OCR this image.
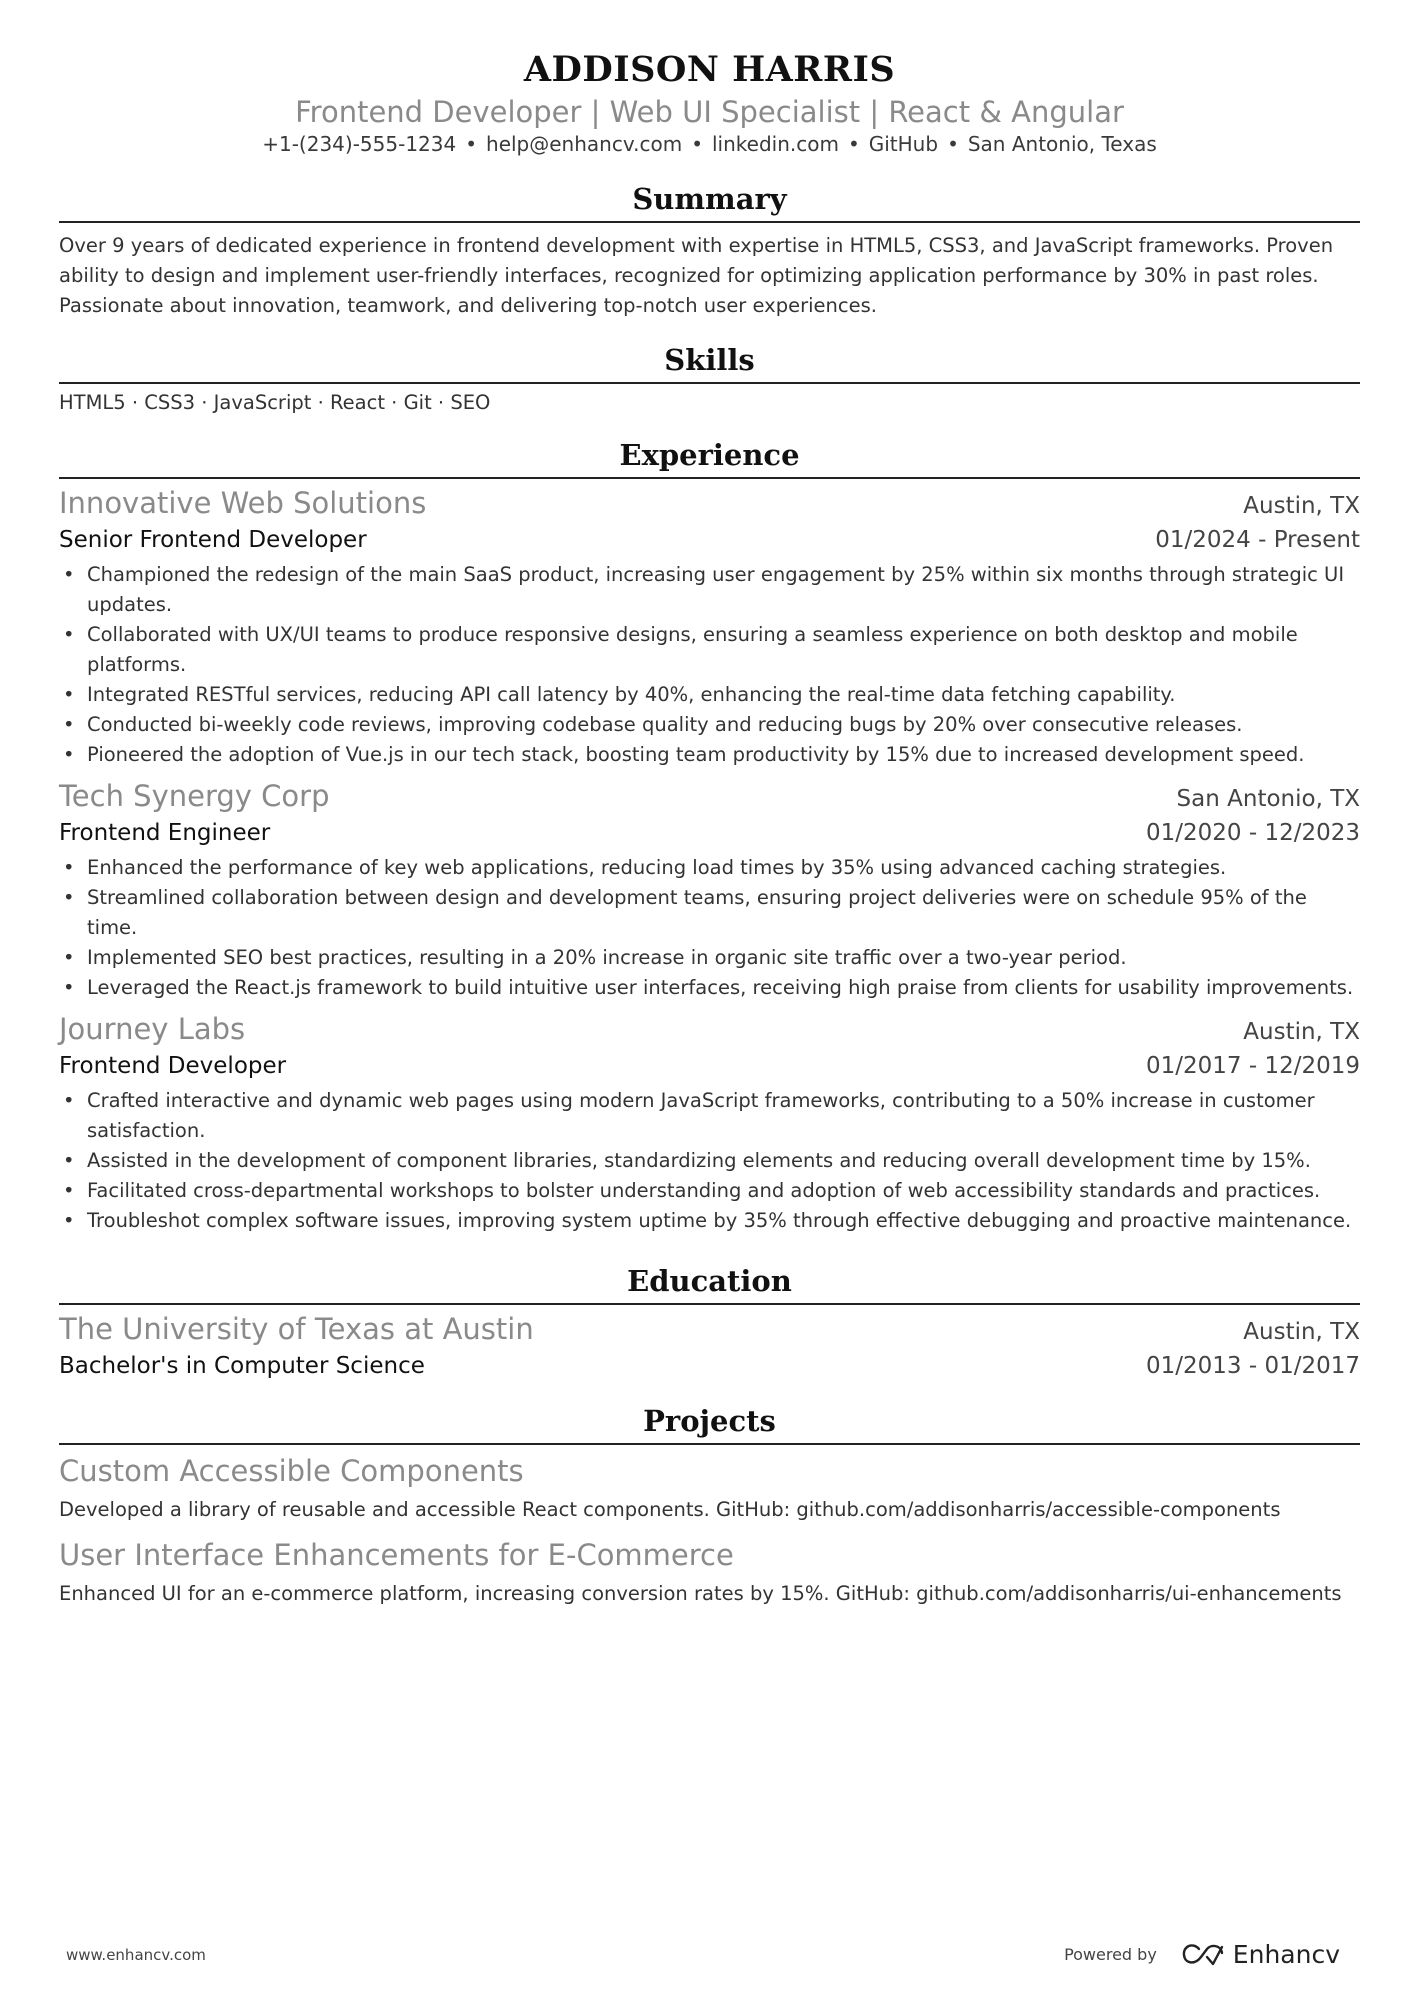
ADDISON HARRIS
Frontend Developer | Web UI Specialist | React & Angular
+1-(234)-555-1234 • help@enhancv.com • linkedin.com • GitHub • San Antonio, Texas
Summary
Over 9 years of dedicated experience in frontend development with expertise in HTML5, CSS3, and JavaScript frameworks. Proven ability to design and implement user-friendly interfaces, recognized for optimizing application performance by 30% in past roles. Passionate about innovation, teamwork, and delivering top-notch user experiences.
Skills
HTML5 · CSS3 · JavaScript · React · Git · SEO
Experience
Innovative Web Solutions	Austin, TX
Senior Frontend Developer	01/2024 - Present
• Championed the redesign of the main SaaS product, increasing user engagement by 25% within six months through strategic UI updates.
• Collaborated with UX/UI teams to produce responsive designs, ensuring a seamless experience on both desktop and mobile platforms.
• Integrated RESTful services, reducing API call latency by 40%, enhancing the real-time data fetching capability.
• Conducted bi-weekly code reviews, improving codebase quality and reducing bugs by 20% over consecutive releases.
• Pioneered the adoption of Vue.js in our tech stack, boosting team productivity by 15% due to increased development speed.
Tech Synergy Corp	San Antonio, TX
Frontend Engineer	01/2020 - 12/2023
• Enhanced the performance of key web applications, reducing load times by 35% using advanced caching strategies.
• Streamlined collaboration between design and development teams, ensuring project deliveries were on schedule 95% of the time.
• Implemented SEO best practices, resulting in a 20% increase in organic site traffic over a two-year period.
• Leveraged the React.js framework to build intuitive user interfaces, receiving high praise from clients for usability improvements.
Journey Labs	Austin, TX
Frontend Developer	01/2017 - 12/2019
• Crafted interactive and dynamic web pages using modern JavaScript frameworks, contributing to a 50% increase in customer satisfaction.
• Assisted in the development of component libraries, standardizing elements and reducing overall development time by 15%.
• Facilitated cross-departmental workshops to bolster understanding and adoption of web accessibility standards and practices.
• Troubleshot complex software issues, improving system uptime by 35% through effective debugging and proactive maintenance.
Education
The University of Texas at Austin	Austin, TX
Bachelor's in Computer Science	01/2013 - 01/2017
Projects
Custom Accessible Components
Developed a library of reusable and accessible React components. GitHub: github.com/addisonharris/accessible-components
User Interface Enhancements for E-Commerce
Enhanced UI for an e-commerce platform, increasing conversion rates by 15%. GitHub: github.com/addisonharris/ui-enhancements
www.enhancv.com	Powered by	Enhancv
